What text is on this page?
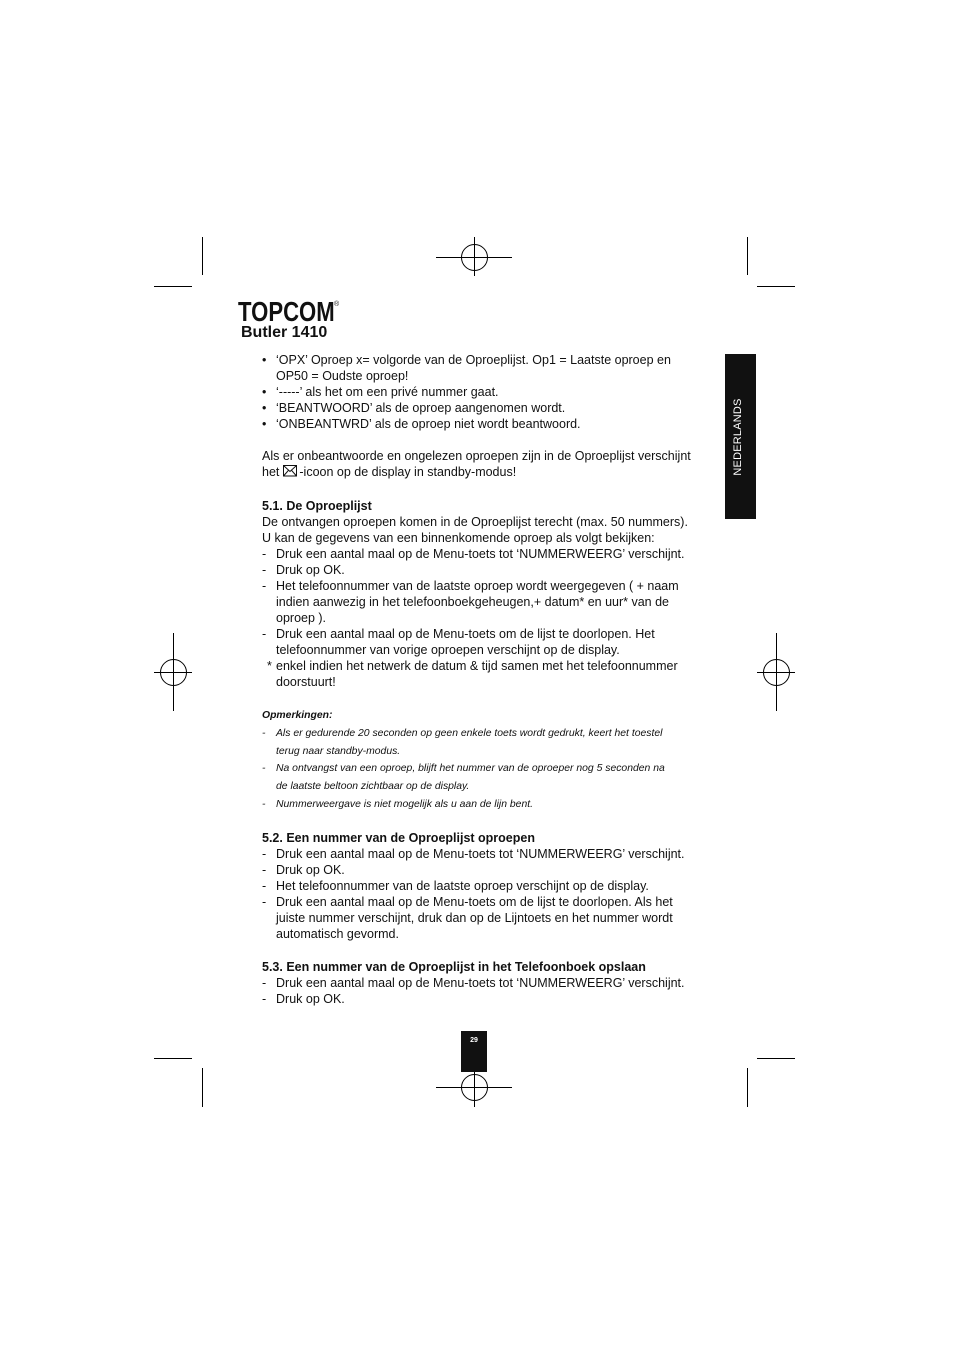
TOPCOM ®
Butler 1410
NEDERLANDS
• ‘OPX’ Oproep x= volgorde van de Oproeplijst. Op1 = Laatste oproep en
OP50 = Oudste oproep!
• ‘-----’ als het om een privé nummer gaat.
• ‘BEANTWOORD’ als de oproep aangenomen wordt.
• ‘ONBEANTWRD’ als de oproep niet wordt beantwoord.
Als er onbeantwoorde en ongelezen oproepen zijn in de Oproeplijst verschijnt
het -icoon op de display in standby-modus!
5.1. De Oproeplijst
De ontvangen oproepen komen in de Oproeplijst terecht (max. 50 nummers).
U kan de gegevens van een binnenkomende oproep als volgt bekijken:
- Druk een aantal maal op de Menu-toets tot ‘NUMMERWEERG’ verschijnt.
- Druk op OK.
- Het telefoonnummer van de laatste oproep wordt weergegeven ( + naam
indien aanwezig in het telefoonboekgeheugen,+ datum* en uur* van de
oproep ).
- Druk een aantal maal op de Menu-toets om de lijst te doorlopen. Het
telefoonnummer van vorige oproepen verschijnt op de display.
* enkel indien het netwerk de datum & tijd samen met het telefoonnummer
doorstuurt!
Opmerkingen:
- Als er gedurende 20 seconden op geen enkele toets wordt gedrukt, keert het toestel
terug naar standby-modus.
- Na ontvangst van een oproep, blijft het nummer van de oproeper nog 5 seconden na
de laatste beltoon zichtbaar op de display.
- Nummerweergave is niet mogelijk als u aan de lijn bent.
5.2. Een nummer van de Oproeplijst oproepen
- Druk een aantal maal op de Menu-toets tot ‘NUMMERWEERG’ verschijnt.
- Druk op OK.
- Het telefoonnummer van de laatste oproep verschijnt op de display.
- Druk een aantal maal op de Menu-toets om de lijst te doorlopen. Als het
juiste nummer verschijnt, druk dan op de Lijntoets en het nummer wordt
automatisch gevormd.
5.3. Een nummer van de Oproeplijst in het Telefoonboek opslaan
- Druk een aantal maal op de Menu-toets tot ‘NUMMERWEERG’ verschijnt.
- Druk op OK.
29
